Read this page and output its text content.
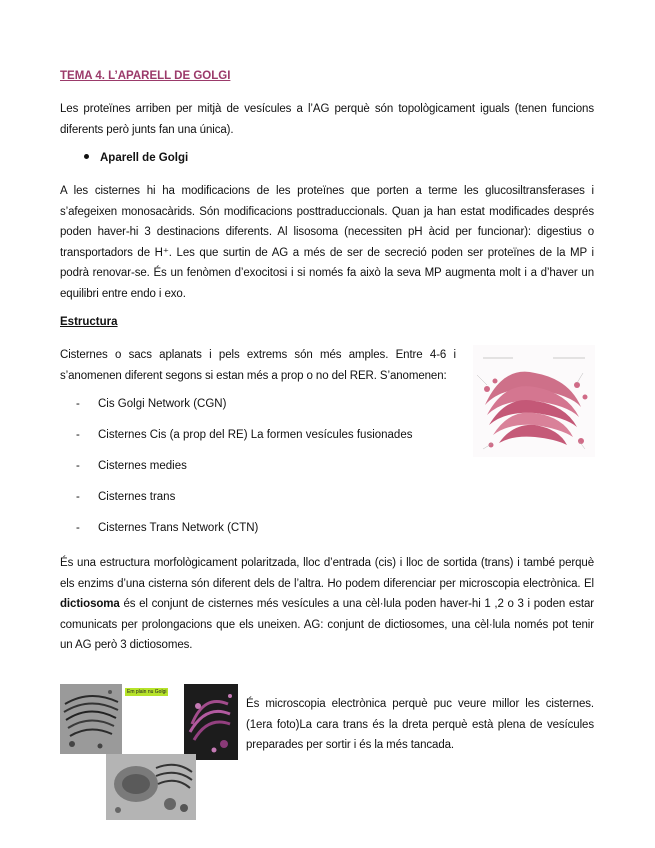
TEMA 4. L’APARELL DE GOLGI

Les proteïnes arriben per mitjà de vesícules a l’AG perquè són topològicament iguals (tenen funcions diferents però junts fan una única).

Aparell de Golgi

A les cisternes hi ha modificacions de les proteïnes que porten a terme les glucosiltransferases i s’afegeixen monosacàrids. Són modificacions posttraduccionals. Quan ja han estat modificades després poden haver-hi 3 destinacions diferents. Al lisosoma (necessiten pH àcid per funcionar): digestius o transportadors de H⁺. Les que surtin de AG a més de ser de secreció poden ser proteïnes de la MP i podrà renovar-se. És un fenòmen d’exocitosi i si només fa això la seva MP augmenta molt i a d’haver un equilibri entre endo i exo.

Estructura

Cisternes o sacs aplanats i pels extrems són més amples. Entre 4-6 i s’anomenen diferent segons si estan més a prop o no del RER. S’anomenen:

- Cis Golgi Network (CGN)
- Cisternes Cis (a prop del RE) La formen vesícules fusionades
- Cisternes medies
- Cisternes trans
- Cisternes Trans Network (CTN)

És una estructura morfològicament polaritzada, lloc d’entrada (cis) i lloc de sortida (trans) i també perquè els enzims d’una cisterna són diferent dels de l’altra. Ho podem diferenciar per microscopia electrònica. El dictiosoma és el conjunt de cisternes més vesícules a una cèl·lula poden haver-hi 1 ,2 o 3 i poden estar comunicats per prolongacions que els uneixen. AG: conjunt de dictiosomes, una cèl·lula només pot tenir un AG però 3 dictiosomes.

Em plain nu Golgi

És microscopia electrònica perquè puc veure millor les cisternes. (1era foto)La cara trans és la dreta perquè està plena de vesícules preparades per sortir i és la més tancada.
